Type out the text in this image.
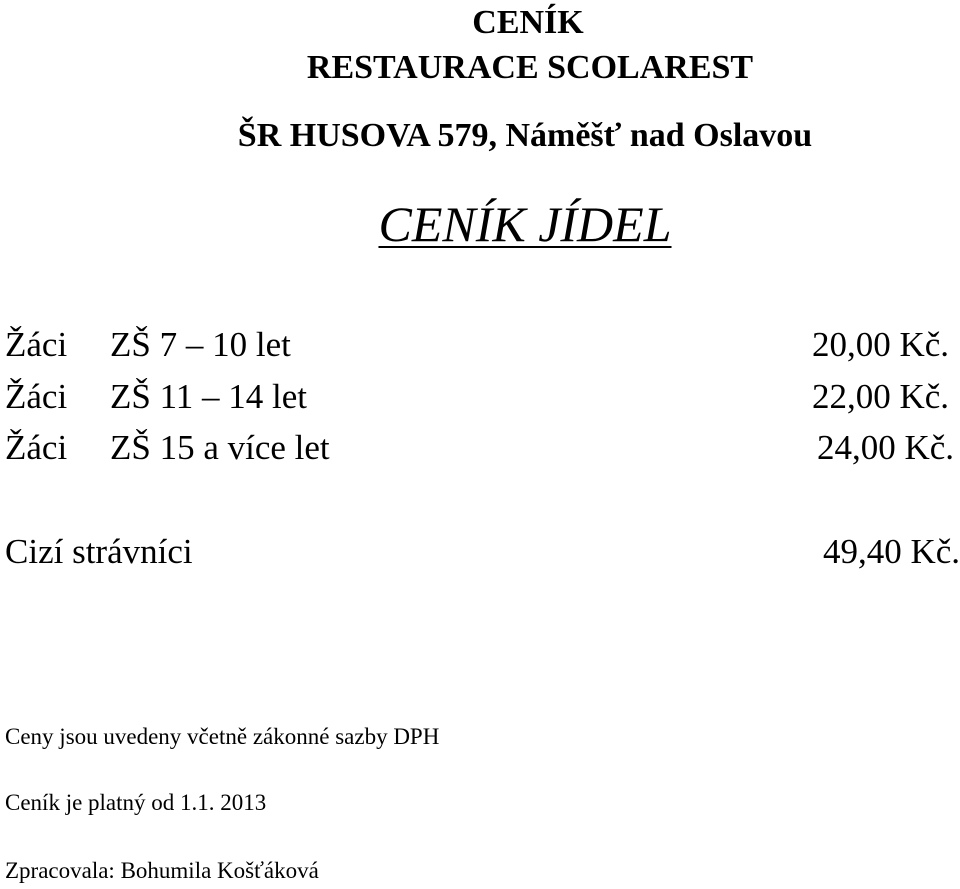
CENÍK
RESTAURACE SCOLAREST
ŠR HUSOVA 579, Náměšť nad Oslavou
CENÍK JÍDEL
Žáci ZŠ 7 – 10 let	20,00 Kč.
Žáci ZŠ 11 – 14 let	22,00 Kč.
Žáci ZŠ 15 a více let	24,00 Kč.
Cizí strávníci	49,40 Kč.
Ceny jsou uvedeny včetně zákonné sazby DPH
Ceník je platný od 1.1. 2013
Zpracovala: Bohumila Košťáková
